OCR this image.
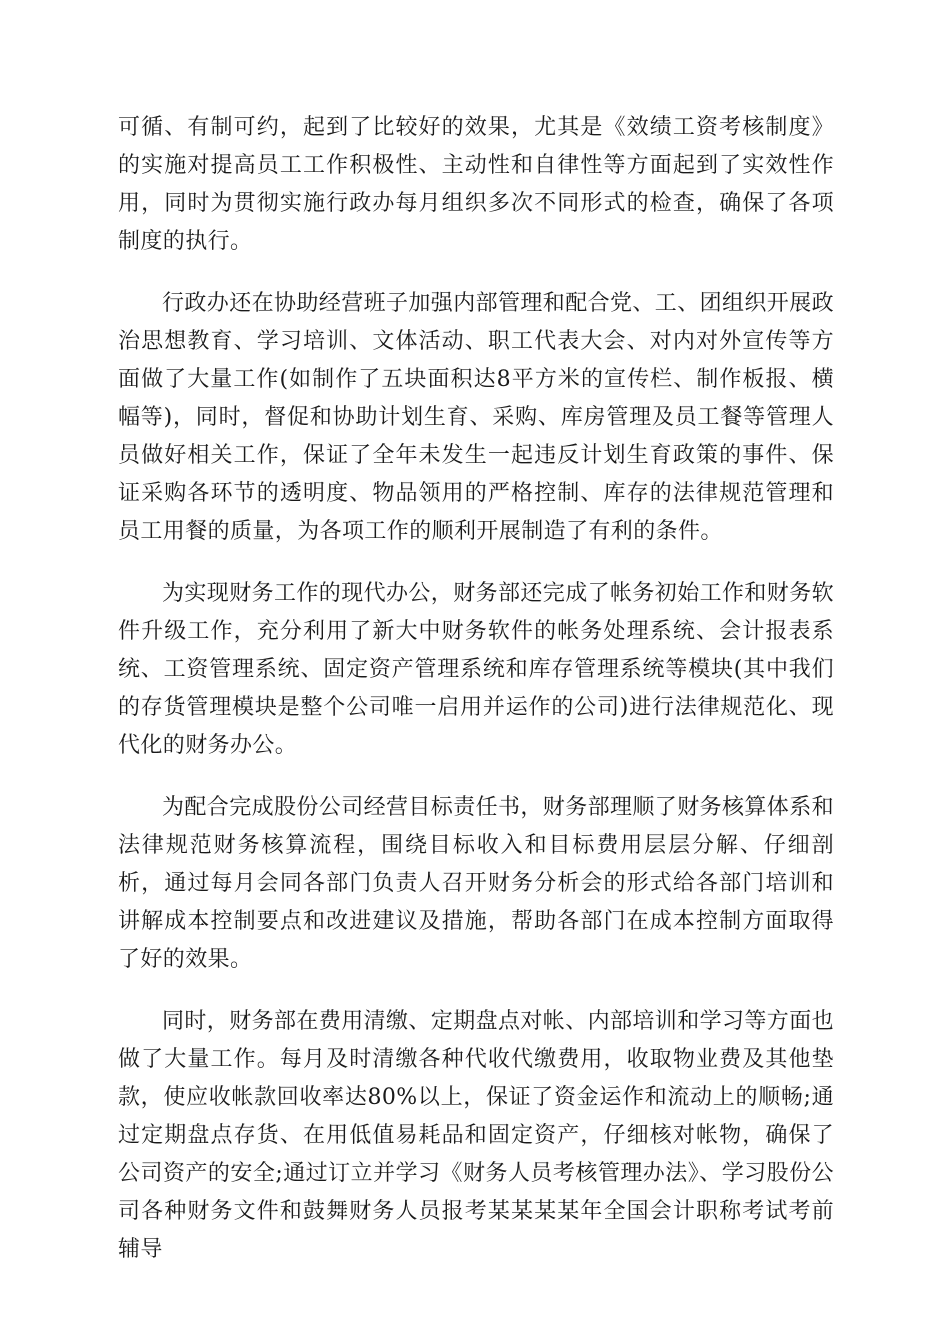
可循、有制可约，起到了比较好的效果，尤其是《效绩工资考核制度》的实施对提高员工工作积极性、主动性和自律性等方面起到了实效性作用，同时为贯彻实施行政办每月组织多次不同形式的检查，确保了各项制度的执行。

行政办还在协助经营班子加强内部管理和配合党、工、团组织开展政治思想教育、学习培训、文体活动、职工代表大会、对内对外宣传等方面做了大量工作(如制作了五块面积达8平方米的宣传栏、制作板报、横幅等)，同时，督促和协助计划生育、采购、库房管理及员工餐等管理人员做好相关工作，保证了全年未发生一起违反计划生育政策的事件、保证采购各环节的透明度、物品领用的严格控制、库存的法律规范管理和员工用餐的质量，为各项工作的顺利开展制造了有利的条件。

为实现财务工作的现代办公，财务部还完成了帐务初始工作和财务软件升级工作，充分利用了新大中财务软件的帐务处理系统、会计报表系统、工资管理系统、固定资产管理系统和库存管理系统等模块(其中我们的存货管理模块是整个公司唯一启用并运作的公司)进行法律规范化、现代化的财务办公。

为配合完成股份公司经营目标责任书，财务部理顺了财务核算体系和法律规范财务核算流程，围绕目标收入和目标费用层层分解、仔细剖析，通过每月会同各部门负责人召开财务分析会的形式给各部门培训和讲解成本控制要点和改进建议及措施，帮助各部门在成本控制方面取得了好的效果。

同时，财务部在费用清缴、定期盘点对帐、内部培训和学习等方面也做了大量工作。每月及时清缴各种代收代缴费用，收取物业费及其他垫款，使应收帐款回收率达80%以上，保证了资金运作和流动上的顺畅;通过定期盘点存货、在用低值易耗品和固定资产，仔细核对帐物，确保了公司资产的安全;通过订立并学习《财务人员考核管理办法》、学习股份公司各种财务文件和鼓舞财务人员报考某某某某年全国会计职称考试考前辅导
